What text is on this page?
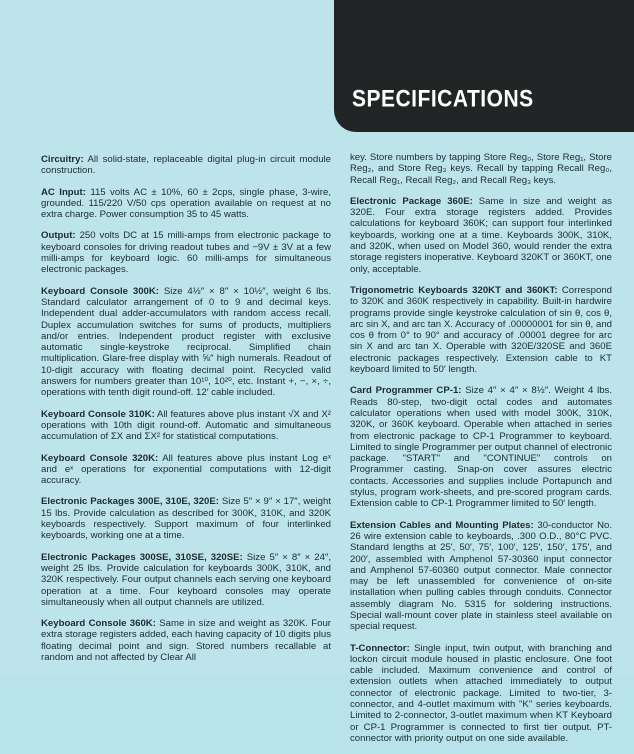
SPECIFICATIONS

Circuitry: All solid-state, replaceable digital plug-in circuit module construction.

AC Input: 115 volts AC ± 10%, 60 ± 2cps, single phase, 3-wire, grounded. 115/220 V/50 cps operation available on request at no extra charge. Power consumption 35 to 45 watts.

Output: 250 volts DC at 15 milli-amps from electronic package to keyboard consoles for driving readout tubes and −9V ± 3V at a few milli-amps for keyboard logic. 60 milli-amps for simultaneous electronic packages.

Keyboard Console 300K: Size 4½″ × 8″ × 10½″, weight 6 lbs. Standard calculator arrangement of 0 to 9 and decimal keys. Independent dual adder-accumulators with random access recall. Duplex accumulation switches for sums of products, multipliers and/or entries. Independent product register with exclusive automatic single-keystroke reciprocal. Simplified chain multiplication. Glare-free display with ⅝″ high numerals. Readout of 10-digit accuracy with floating decimal point. Recycled valid answers for numbers greater than 10¹⁰, 10²⁰, etc. Instant +, −, ×, ÷, operations with tenth digit round-off. 12′ cable included.

Keyboard Console 310K: All features above plus instant √X and X² operations with 10th digit round-off. Automatic and simultaneous accumulation of ΣX and ΣX² for statistical computations.

Keyboard Console 320K: All features above plus instant Log eˣ and eˣ operations for exponential computations with 12-digit accuracy.

Electronic Packages 300E, 310E, 320E: Size 5″ × 9″ × 17″, weight 15 lbs. Provide calculation as described for 300K, 310K, and 320K keyboards respectively. Support maximum of four interlinked keyboards, working one at a time.

Electronic Packages 300SE, 310SE, 320SE: Size 5″ × 8″ × 24″, weight 25 lbs. Provide calculation for keyboards 300K, 310K, and 320K respectively. Four output channels each serving one keyboard operation at a time. Four keyboard consoles may operate simultaneously when all output channels are utilized.

Keyboard Console 360K: Same in size and weight as 320K. Four extra storage registers added, each having capacity of 10 digits plus floating decimal point and sign. Stored numbers recallable at random and not affected by Clear All

key. Store numbers by tapping Store Reg₀, Store Reg₁, Store Reg₂, and Store Reg₃ keys. Recall by tapping Recall Reg₀, Recall Reg₁, Recall Reg₂, and Recall Reg₃ keys.

Electronic Package 360E: Same in size and weight as 320E. Four extra storage registers added. Provides calculations for keyboard 360K; can support four interlinked keyboards, working one at a time. Keyboards 300K, 310K, and 320K, when used on Model 360, would render the extra storage registers inoperative. Keyboard 320KT or 360KT, one only, acceptable.

Trigonometric Keyboards 320KT and 360KT: Correspond to 320K and 360K respectively in capability. Built-in hardwire programs provide single keystroke calculation of sin θ, cos θ, arc sin X, and arc tan X. Accuracy of .00000001 for sin θ, and cos θ from 0° to 90° and accuracy of .00001 degree for arc sin X and arc tan X. Operable with 320E/320SE and 360E electronic packages respectively. Extension cable to KT keyboard limited to 50′ length.

Card Programmer CP-1: Size 4″ × 4″ × 8½″. Weight 4 lbs. Reads 80-step, two-digit octal codes and automates calculator operations when used with model 300K, 310K, 320K, or 360K keyboard. Operable when attached in series from electronic package to CP-1 Programmer to keyboard. Limited to single Programmer per output channel of electronic package. "START" and "CONTINUE" controls on Programmer casting. Snap-on cover assures electric contacts. Accessories and supplies include Portapunch and stylus, program work-sheets, and pre-scored program cards. Extension cable to CP-1 Programmer limited to 50′ length.

Extension Cables and Mounting Plates: 30-conductor No. 26 wire extension cable to keyboards, .300 O.D., 80°C PVC. Standard lengths at 25′, 50′, 75′, 100′, 125′, 150′, 175′, and 200′, assembled with Amphenol 57-30360 input connector and Amphenol 57-60360 output connector. Male connector may be left unassembled for convenience of on-site installation when pulling cables through conduits. Connector assembly diagram No. 5315 for soldering instructions. Special wall-mount cover plate in stainless steel available on special request.

T-Connector: Single input, twin output, with branching and lockon circuit module housed in plastic enclosure. One foot cable included. Maximum convenience and control of extension outlets when attached immediately to output connector of electronic package. Limited to two-tier, 3-connector, and 4-outlet maximum with "K" series keyboards. Limited to 2-connector, 3-outlet maximum when KT Keyboard or CP-1 Programmer is connected to first tier output. PT-connector with priority output on one side available.
